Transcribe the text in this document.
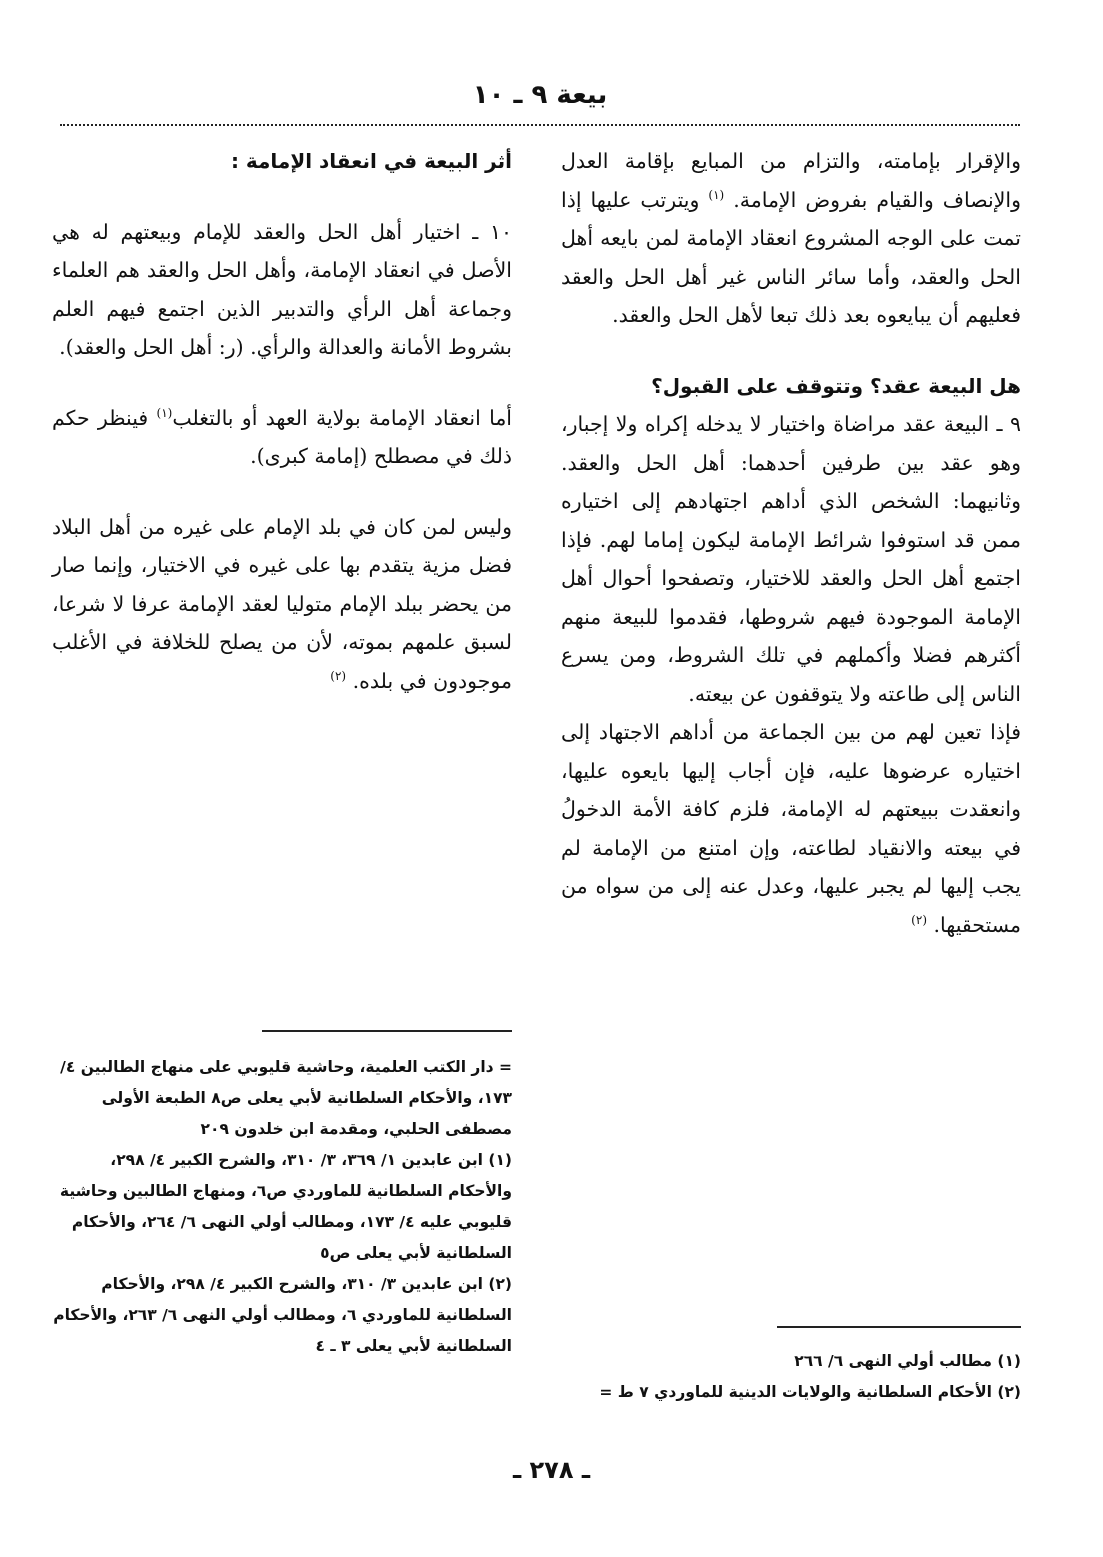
بيعة ٩ ـ ١٠

والإقرار بإمامته، والتزام من المبايع بإقامة العدل والإنصاف والقيام بفروض الإمامة. $^{(١)}$ ويترتب عليها إذا تمت على الوجه المشروع انعقاد الإمامة لمن بايعه أهل الحل والعقد، وأما سائر الناس غير أهل الحل والعقد فعليهم أن يبايعوه بعد ذلك تبعا لأهل الحل والعقد.

هل البيعة عقد؟ وتتوقف على القبول؟

٩ ـ البيعة عقد مراضاة واختيار لا يدخله إكراه ولا إجبار، وهو عقد بين طرفين أحدهما: أهل الحل والعقد. وثانيهما: الشخص الذي أداهم اجتهادهم إلى اختياره ممن قد استوفوا شرائط الإمامة ليكون إماما لهم. فإذا اجتمع أهل الحل والعقد للاختيار، وتصفحوا أحوال أهل الإمامة الموجودة فيهم شروطها، فقدموا للبيعة منهم أكثرهم فضلا وأكملهم في تلك الشروط، ومن يسرع الناس إلى طاعته ولا يتوقفون عن بيعته.

فإذا تعين لهم من بين الجماعة من أداهم الاجتهاد إلى اختياره عرضوها عليه، فإن أجاب إليها بايعوه عليها، وانعقدت ببيعتهم له الإمامة، فلزم كافة الأمة الدخولُ في بيعته والانقياد لطاعته، وإن امتنع من الإمامة لم يجب إليها لم يجبر عليها، وعدل عنه إلى من سواه من مستحقيها. $^{(٢)}$

(١) مطالب أولي النهى ٦/ ٢٦٦

(٢) الأحكام السلطانية والولايات الدينية للماوردي ٧ ط =

أثر البيعة في انعقاد الإمامة :

١٠ ـ اختيار أهل الحل والعقد للإمام وبيعتهم له هي الأصل في انعقاد الإمامة، وأهل الحل والعقد هم العلماء وجماعة أهل الرأي والتدبير الذين اجتمع فيهم العلم بشروط الأمانة والعدالة والرأي. (ر: أهل الحل والعقد).

أما انعقاد الإمامة بولاية العهد أو بالتغلب$^{(١)}$ فينظر حكم ذلك في مصطلح (إمامة كبرى).

وليس لمن كان في بلد الإمام على غيره من أهل البلاد فضل مزية يتقدم بها على غيره في الاختيار، وإنما صار من يحضر ببلد الإمام متوليا لعقد الإمامة عرفا لا شرعا، لسبق علمهم بموته، لأن من يصلح للخلافة في الأغلب موجودون في بلده. $^{(٢)}$

= دار الكتب العلمية، وحاشية قليوبي على منهاج الطالبين ٤/ ١٧٣، والأحكام السلطانية لأبي يعلى ص٨ الطبعة الأولى مصطفى الحلبي، ومقدمة ابن خلدون ٢٠٩

(١) ابن عابدين ١/ ٣٦٩، ٣/ ٣١٠، والشرح الكبير ٤/ ٢٩٨، والأحكام السلطانية للماوردي ص٦، ومنهاج الطالبين وحاشية قليوبي عليه ٤/ ١٧٣، ومطالب أولي النهى ٦/ ٢٦٤، والأحكام السلطانية لأبي يعلى ص٥

(٢) ابن عابدين ٣/ ٣١٠، والشرح الكبير ٤/ ٢٩٨، والأحكام السلطانية للماوردي ٦، ومطالب أولي النهى ٦/ ٢٦٣، والأحكام السلطانية لأبي يعلى ٣ ـ ٤

ـ ٢٧٨ ـ
